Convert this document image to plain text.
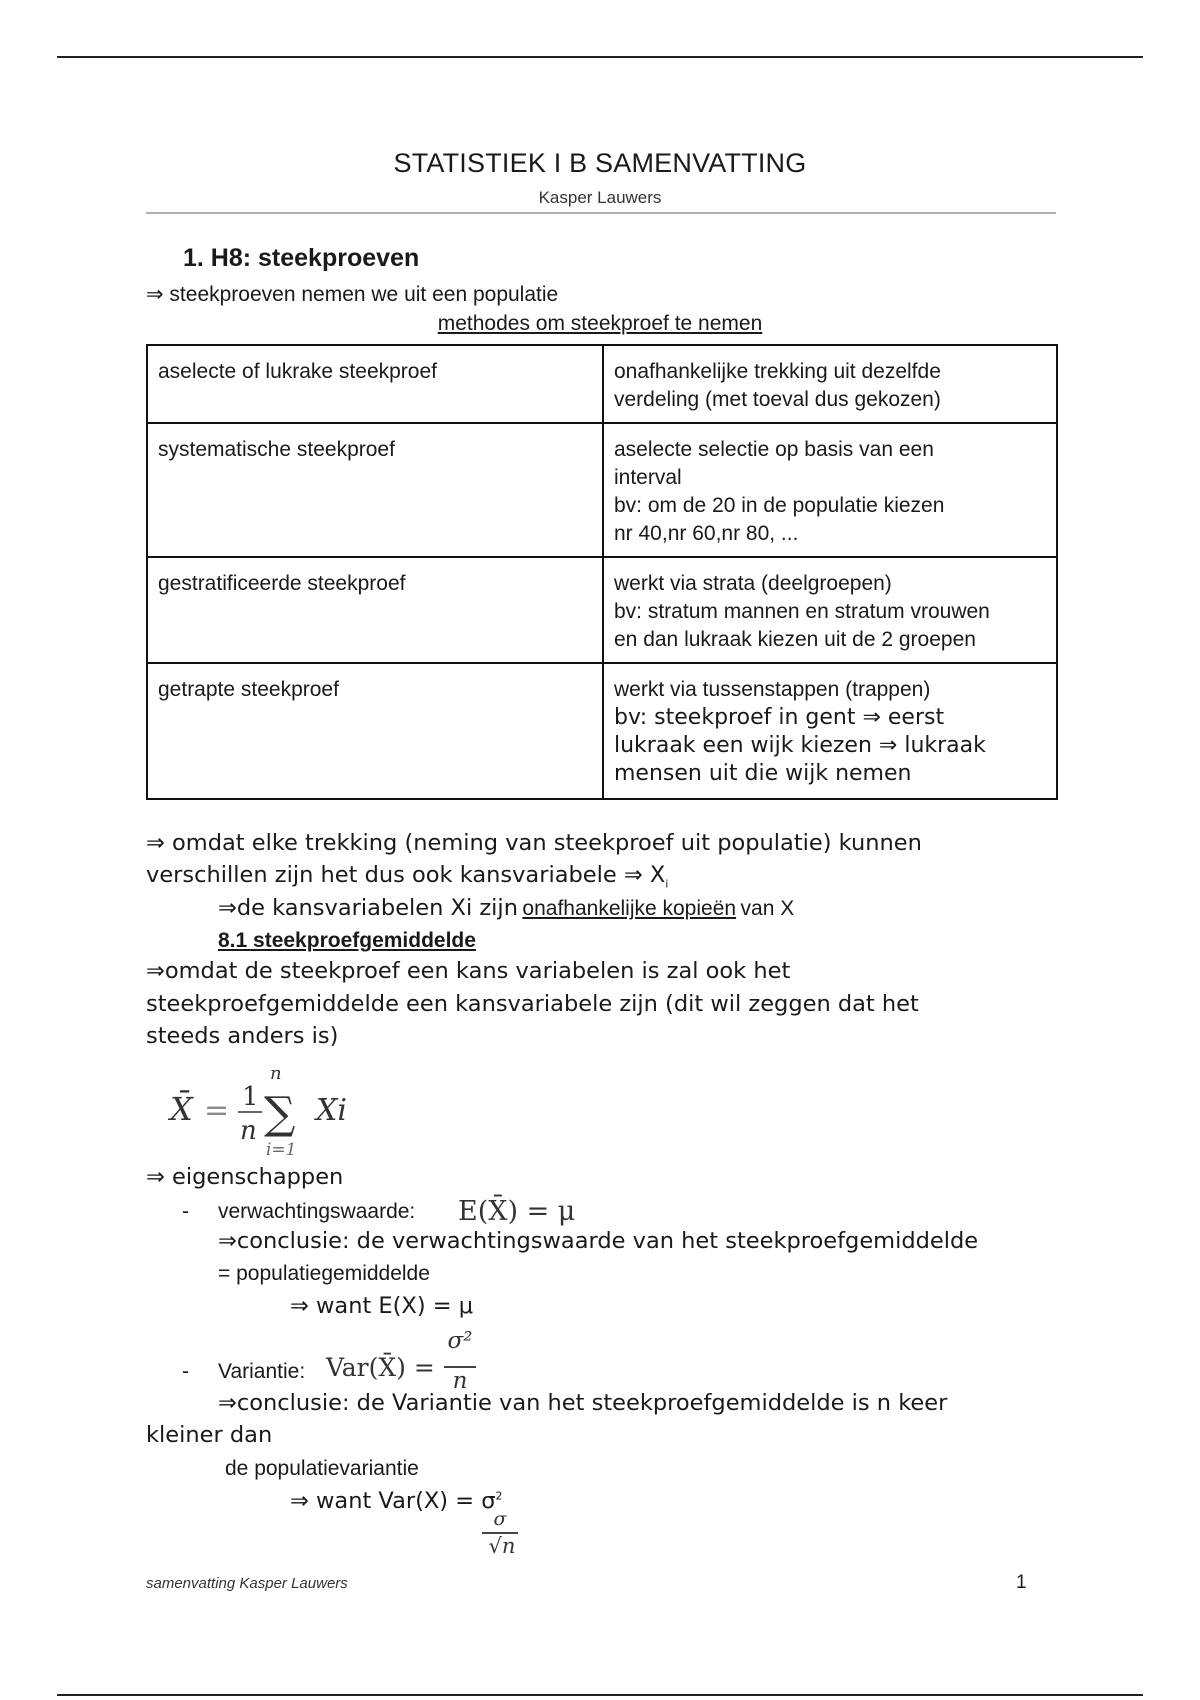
STATISTIEK I B SAMENVATTING
Kasper Lauwers
1. H8: steekproeven
⇒ steekproeven nemen we uit een populatie
methodes om steekproef te nemen
aselecte of lukrake steekproef	onafhankelijke trekking uit dezelfde
verdeling (met toeval dus gekozen)

systematische steekproef	aselecte selectie op basis van een
interval
bv: om de 20 in de populatie kiezen
nr 40,nr 60,nr 80, ...

gestratificeerde steekproef	werkt via strata (deelgroepen)
bv: stratum mannen en stratum vrouwen
en dan lukraak kiezen uit de 2 groepen

getrapte steekproef	werkt via tussenstappen (trappen)
bv: steekproef in gent ⇒ eerst
lukraak een wijk kiezen ⇒ lukraak
mensen uit die wijk nemen
⇒ omdat elke trekking (neming van steekproef uit populatie) kunnen
verschillen zijn het dus ook kansvariabele ⇒ $X_i$
⇒de kansvariabelen Xi zijn onafhankelijke kopieën van X
8.1 steekproefgemiddelde
⇒omdat de steekproef een kans variabelen is zal ook het
steekproefgemiddelde een kansvariabele zijn (dit wil zeggen dat het
steeds anders is)
X̄ = 1
n
n
∑
i=1
Xi
⇒ eigenschappen
- verwachtingswaarde: E(X̄) = μ
⇒conclusie: de verwachtingswaarde van het steekproefgemiddelde
= populatiegemiddelde
⇒ want E(X) = μ
- Variantie: Var(X̄) =
σ²
n
⇒conclusie: de Variantie van het steekproefgemiddelde is n keer
kleiner dan
de populatievariantie
⇒ want $Var(X) = \sigma^2$
σ
√n
samenvatting Kasper Lauwers	1
